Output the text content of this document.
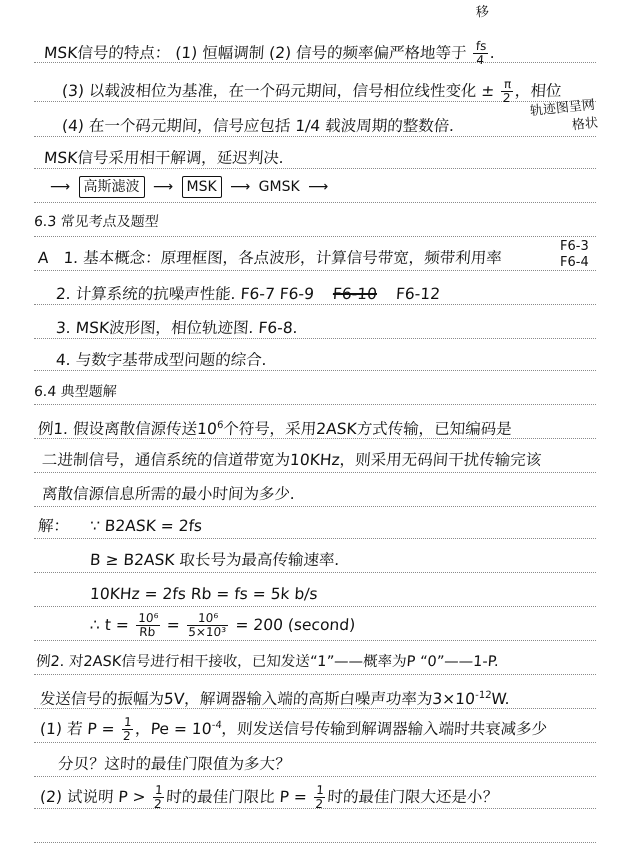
MSK信号的特点： (1) 恒幅调制 (2) 信号的频率偏严格地等于 $\frac{fs}{4}$ .
移
(3) 以载波相位为基准，在一个码元期间，信号相位线性变化 ± $\frac{\pi}{2}$ ，相位
轨迹图呈网
格状
(4) 在一个码元期间，信号应包括 1/4 载波周期的整数倍.
MSK信号采用相干解调，延迟判决.
⟶ 高斯滤波 ⟶ MSK ⟶ GMSK ⟶
6.3 常见考点及题型
A 1. 基本概念：原理框图，各点波形，计算信号带宽，频带利用率
F6-3
F6-4
2. 计算系统的抗噪声性能. F6-7 F6-9 F6-10 F6-12
3. MSK波形图，相位轨迹图. F6-8.
4. 与数字基带成型问题的综合.
6.4 典型题解
例1. 假设离散信源传送$10^6$个符号，采用2ASK方式传输，已知编码是
二进制信号，通信系统的信道带宽为10KHz，则采用无码间干扰传输完该
离散信源信息所需的最小时间为多少.
解： ∵ B2ASK = 2fs
B ≥ B2ASK 取长号为最高传输速率.
10KHz = 2fs Rb = fs = 5k b/s
∴ $t = \frac{\text{10⁶}}{Rb} = \frac{\text{10⁶}}{\text{5×10³}} = 200$ (second)
例2. 对2ASK信号进行相干接收，已知发送“1”——概率为P “0”——1-P.
发送信号的振幅为5V，解调器输入端的高斯白噪声功率为$3\times 10^{-12}W$.
(1) 若 $P = \frac{1}{2}$ ，$Pe = 10^{-4}$，则发送信号传输到解调器输入端时共衰减多少
分贝？这时的最佳门限值为多大？
(2) 试说明 $P > \frac{1}{2}$ 时的最佳门限比 $P = \frac{1}{2}$ 时的最佳门限大还是小？
